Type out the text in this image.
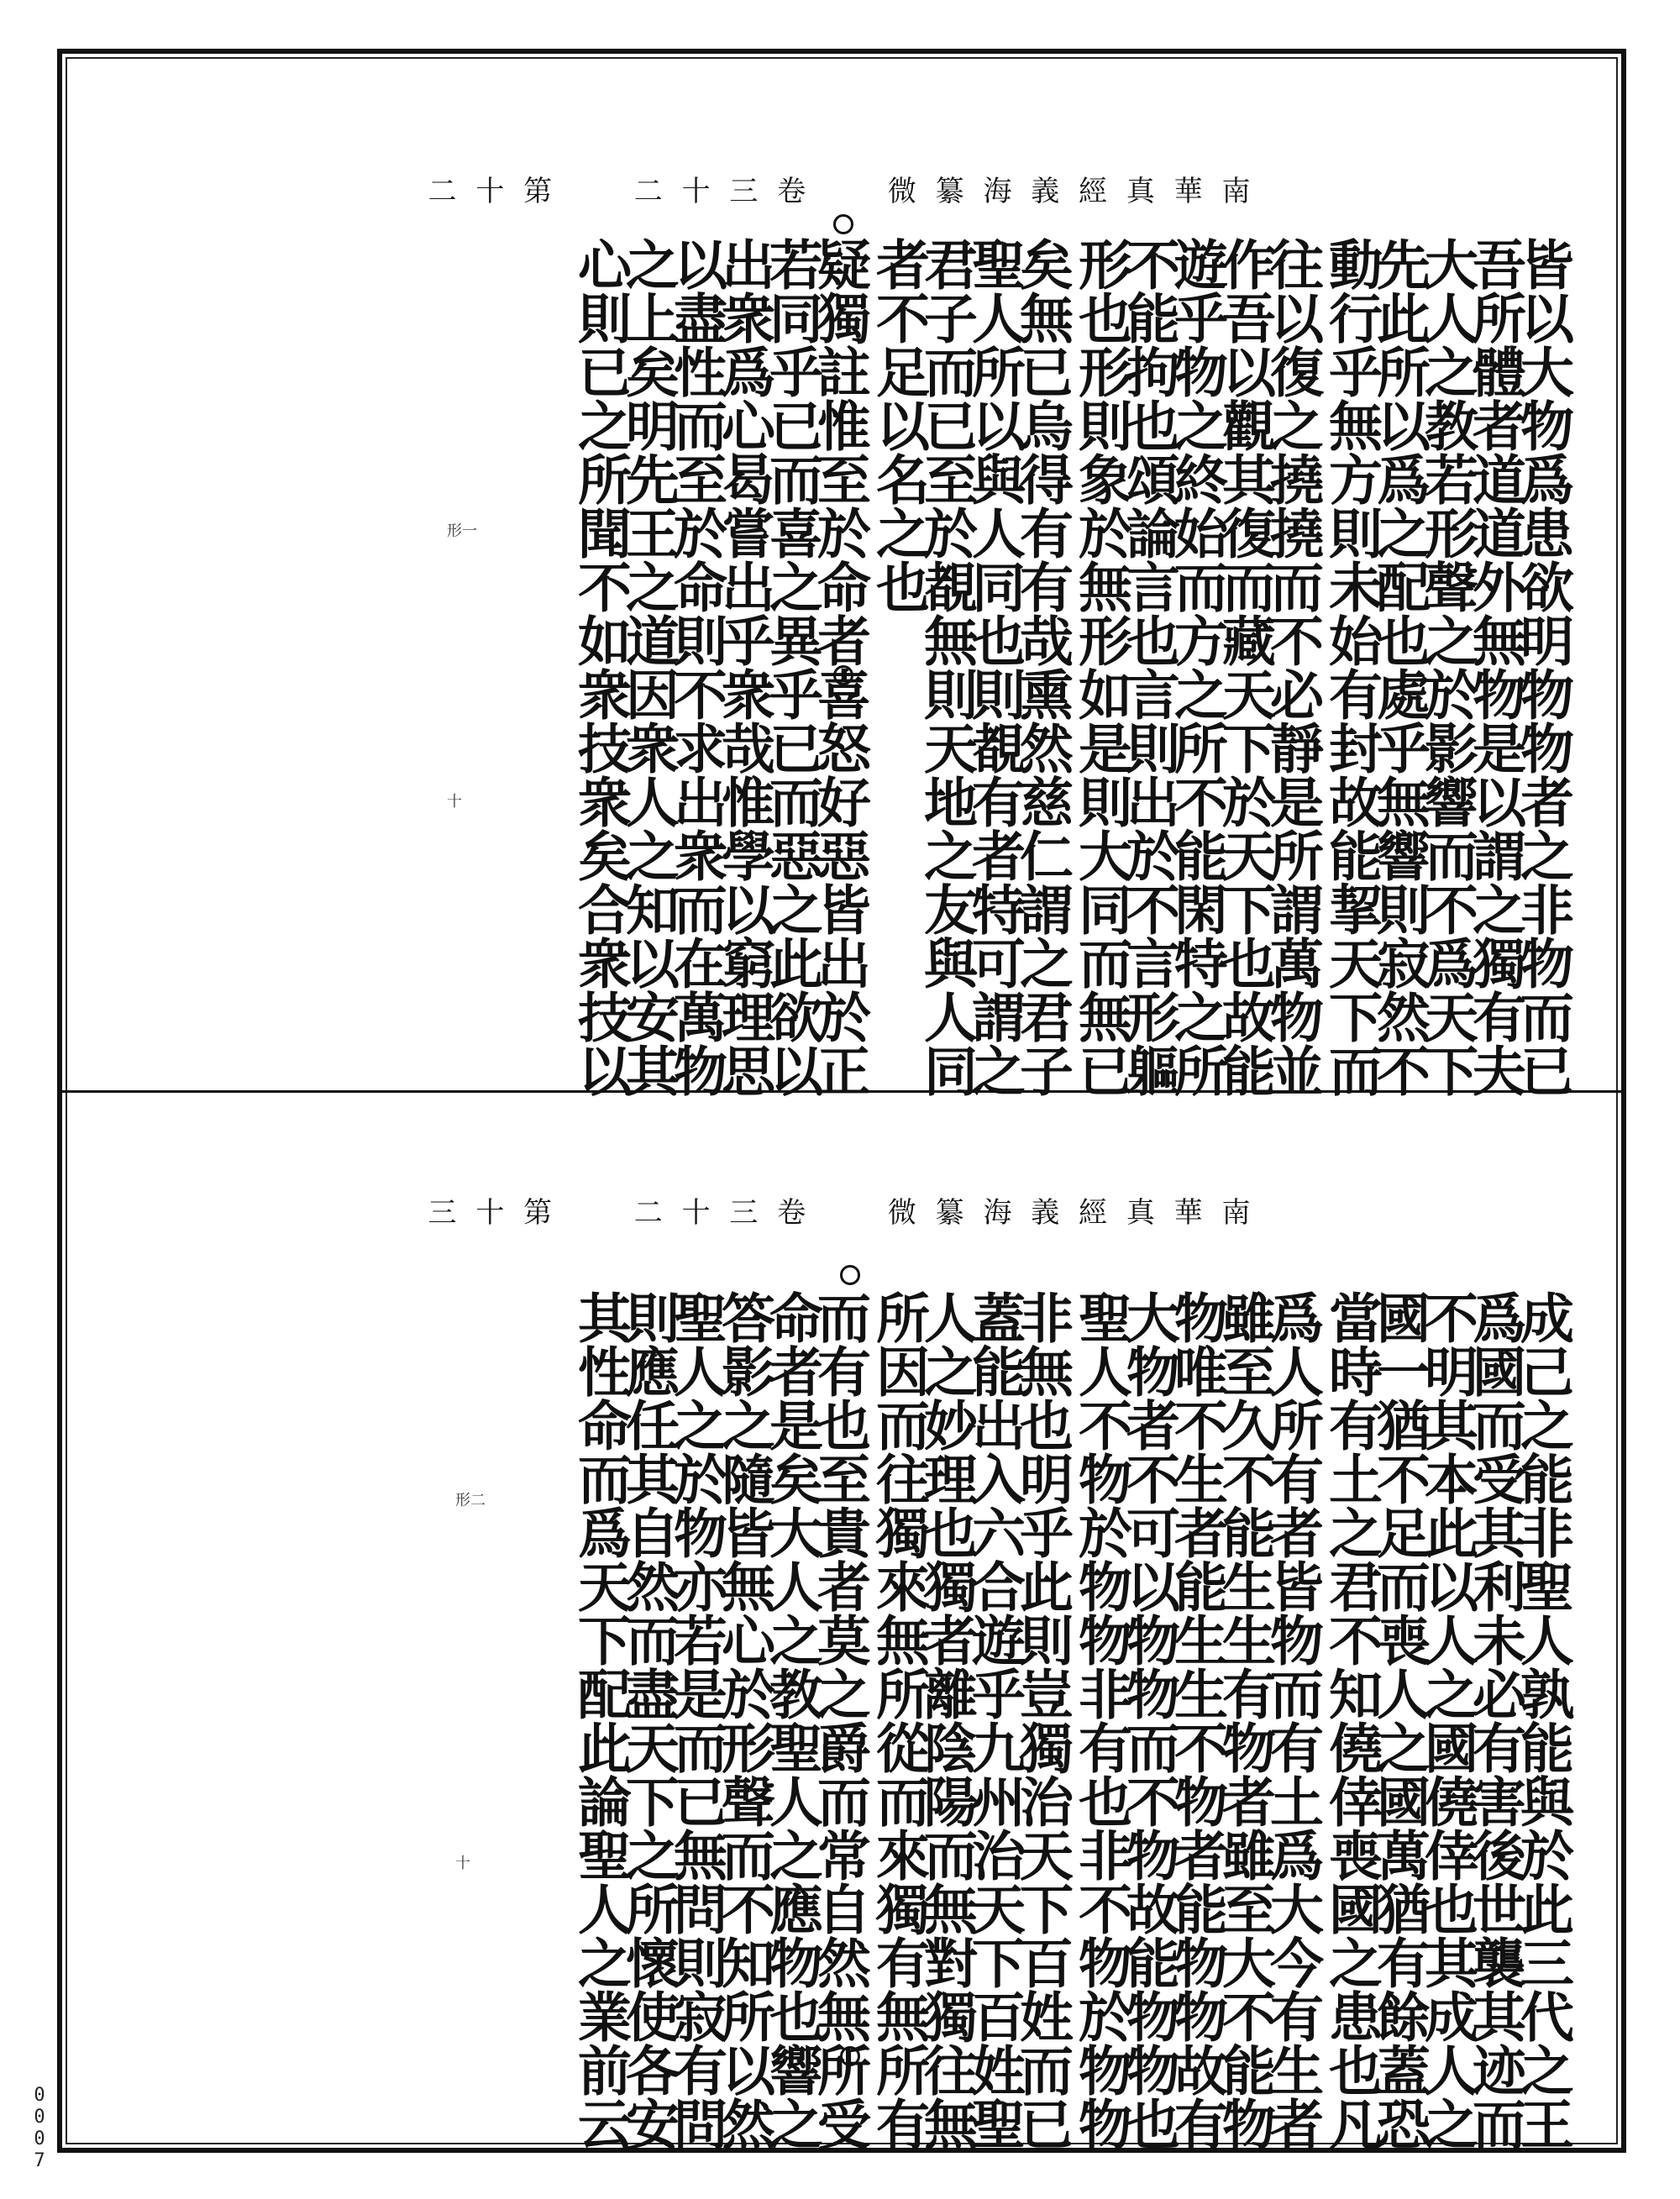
二 十 第	二 十 三 卷	微 纂 海 義 經 真 華 南
皆以大物爲患欲明物物者之非物而已
吾所體者道道外無物是以謂之獨有夫
大人之教若形聲之於影響而不爲天下
先此所以爲之配也處乎無響則寂然不
動行乎無方則未始有封故能挈天下而
往以復之撓撓而不必靜是所謂萬物並
作吾以觀其復而藏天下於天下也故能
遊乎物之終始而方之所不能閑特之所
不能拘也頌論言也言則出於不言形軀
形也形則象於無形如是則大同而無已
矣無已烏得有有哉熏然慈仁謂之君子
聖人所以與人同也則覩有者特可謂之
君子而已至於覩無則天地之友與人同
者不足以名之也
疑獨註惟至於命者喜怒好惡皆出於正
若同乎已而喜之異乎已而惡之此欲以
出衆爲心曷嘗出乎衆哉惟學以窮理思
以盡性而至於命則不求出衆而在萬物
之上矣明先王之道因衆人之知以安其
心則已之所聞不如衆技衆矣合衆技以
形一
十
三 十 第	二 十 三 卷	微 纂 海 義 經 真 華 南
成己之能非聖人孰能與於此三代之王
爲國而受其利未必有害後世襲其迹而
不明其本此以人之國僥倖也其成人之
國一猶不足而喪人之國萬猶有餘蓋恐
當時有土之君不知僥倖喪國之患也凡
爲人所有者皆物而有土爲大今有生者
雖至久不能生生有物者雖至大不能物
物唯不生者能生生不物者能物物故有
大物者不可以物物而不物故能物物也
聖人不物於物物非有也非不物於物物
非無也明乎此則豈獨治天下百姓而已
蓋能出入六合遊乎九州治天下百姓聖
人之妙理也獨者離陰陽而無對獨往無
所因而往獨來無所從而來獨有無所有
而有也至貴者莫之爵而常自然無所受
命者是矣大人之教聖人之應物也響之
答影之隨皆無心於形聲而不知所以然
聖人之於物亦若是而已無問則寂有問
則應任其自然而盡天下之所懷使各安
其性命而爲天下配此論聖人之業前云
形二
十
0007
